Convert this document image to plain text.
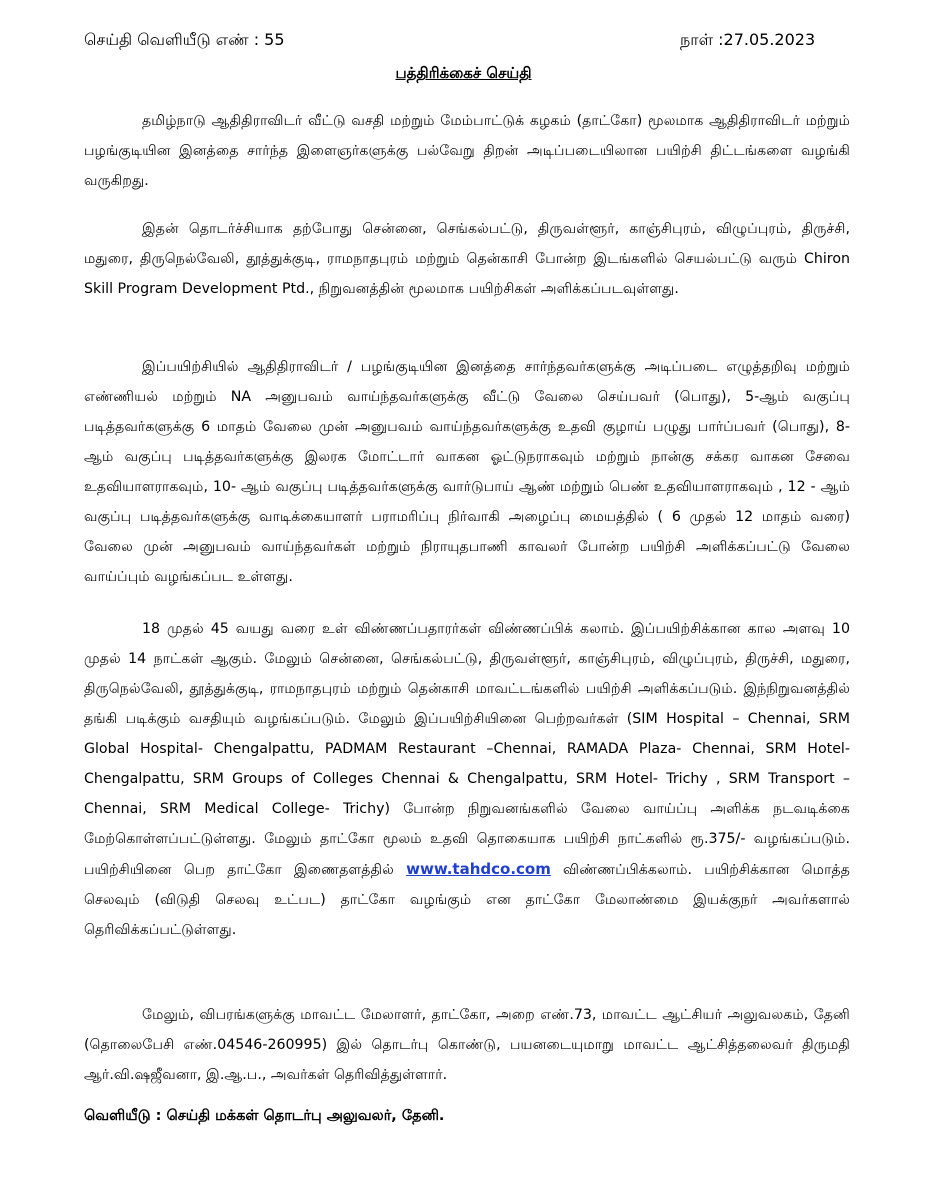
செய்தி வெளியீடு எண் : 55	நாள் :27.05.2023
பத்திரிக்கைச் செய்தி

தமிழ்நாடு ஆதிதிராவிடர் வீட்டு வசதி மற்றும் மேம்பாட்டுக் கழகம் (தாட்கோ) மூலமாக ஆதிதிராவிடர் மற்றும் பழங்குடியின இனத்தை சார்ந்த இளைஞர்களுக்கு பல்வேறு திறன் அடிப்படையிலான பயிற்சி திட்டங்களை வழங்கி வருகிறது.

இதன் தொடர்ச்சியாக தற்போது சென்னை, செங்கல்பட்டு, திருவள்ளூர், காஞ்சிபுரம், விழுப்புரம், திருச்சி, மதுரை, திருநெல்வேலி, தூத்துக்குடி, ராமநாதபுரம் மற்றும் தென்காசி போன்ற இடங்களில் செயல்பட்டு வரும் Chiron Skill Program Development Ptd., நிறுவனத்தின் மூலமாக பயிற்சிகள் அளிக்கப்படவுள்ளது.

இப்பயிற்சியில் ஆதிதிராவிடர் / பழங்குடியின இனத்தை சார்ந்தவர்களுக்கு அடிப்படை எழுத்தறிவு மற்றும் எண்ணியல் மற்றும் NA அனுபவம் வாய்ந்தவர்களுக்கு வீட்டு வேலை செய்பவர் (பொது), 5-ஆம் வகுப்பு படித்தவர்களுக்கு 6 மாதம் வேலை முன் அனுபவம் வாய்ந்தவர்களுக்கு உதவி குழாய் பழுது பார்ப்பவர் (பொது), 8-ஆம் வகுப்பு படித்தவர்களுக்கு இலரக மோட்டார் வாகன ஓட்டுநராகவும் மற்றும் நான்கு சக்கர வாகன சேவை உதவியாளராகவும், 10- ஆம் வகுப்பு படித்தவர்களுக்கு வார்டுபாய் ஆண் மற்றும் பெண் உதவியாளராகவும் , 12 - ஆம் வகுப்பு படித்தவர்களுக்கு வாடிக்கையாளர் பராமரிப்பு நிர்வாகி அழைப்பு மையத்தில் ( 6 முதல் 12 மாதம் வரை) வேலை முன் அனுபவம் வாய்ந்தவர்கள் மற்றும் நிராயுதபாணி காவலர் போன்ற பயிற்சி அளிக்கப்பட்டு வேலை வாய்ப்பும் வழங்கப்பட உள்ளது.

18 முதல் 45 வயது வரை உள் விண்ணப்பதாரர்கள் விண்ணப்பிக் கலாம். இப்பயிற்சிக்கான கால அளவு 10 முதல் 14 நாட்கள் ஆகும். மேலும் சென்னை, செங்கல்பட்டு, திருவள்ளூர், காஞ்சிபுரம், விழுப்புரம், திருச்சி, மதுரை, திருநெல்வேலி, தூத்துக்குடி, ராமநாதபுரம் மற்றும் தென்காசி மாவட்டங்களில் பயிற்சி அளிக்கப்படும். இந்நிறுவனத்தில் தங்கி படிக்கும் வசதியும் வழங்கப்படும். மேலும் இப்பயிற்சியினை பெற்றவர்கள் (SIM Hospital – Chennai, SRM Global Hospital- Chengalpattu, PADMAM Restaurant –Chennai, RAMADA Plaza- Chennai, SRM Hotel- Chengalpattu, SRM Groups of Colleges Chennai & Chengalpattu, SRM Hotel- Trichy , SRM Transport –Chennai, SRM Medical College- Trichy) போன்ற நிறுவனங்களில் வேலை வாய்ப்பு அளிக்க நடவடிக்கை மேற்கொள்ளப்பட்டுள்ளது. மேலும் தாட்கோ மூலம் உதவி தொகையாக பயிற்சி நாட்களில் ரூ.375/- வழங்கப்படும். பயிற்சியினை பெற தாட்கோ இணைதளத்தில் www.tahdco.com விண்ணப்பிக்கலாம். பயிற்சிக்கான மொத்த செலவும் (விடுதி செலவு உட்பட) தாட்கோ வழங்கும் என தாட்கோ மேலாண்மை இயக்குநர் அவர்களால் தெரிவிக்கப்பட்டுள்ளது.

மேலும், விபரங்களுக்கு மாவட்ட மேலாளர், தாட்கோ, அறை எண்.73, மாவட்ட ஆட்சியர் அலுவலகம், தேனி (தொலைபேசி எண்.04546-260995) இல் தொடர்பு கொண்டு, பயனடையுமாறு மாவட்ட ஆட்சித்தலைவர் திருமதி ஆர்.வி.ஷஜீவனா, இ.ஆ.ப., அவர்கள் தெரிவித்துள்ளார்.

வெளியீடு : செய்தி மக்கள் தொடர்பு அலுவலர், தேனி.
